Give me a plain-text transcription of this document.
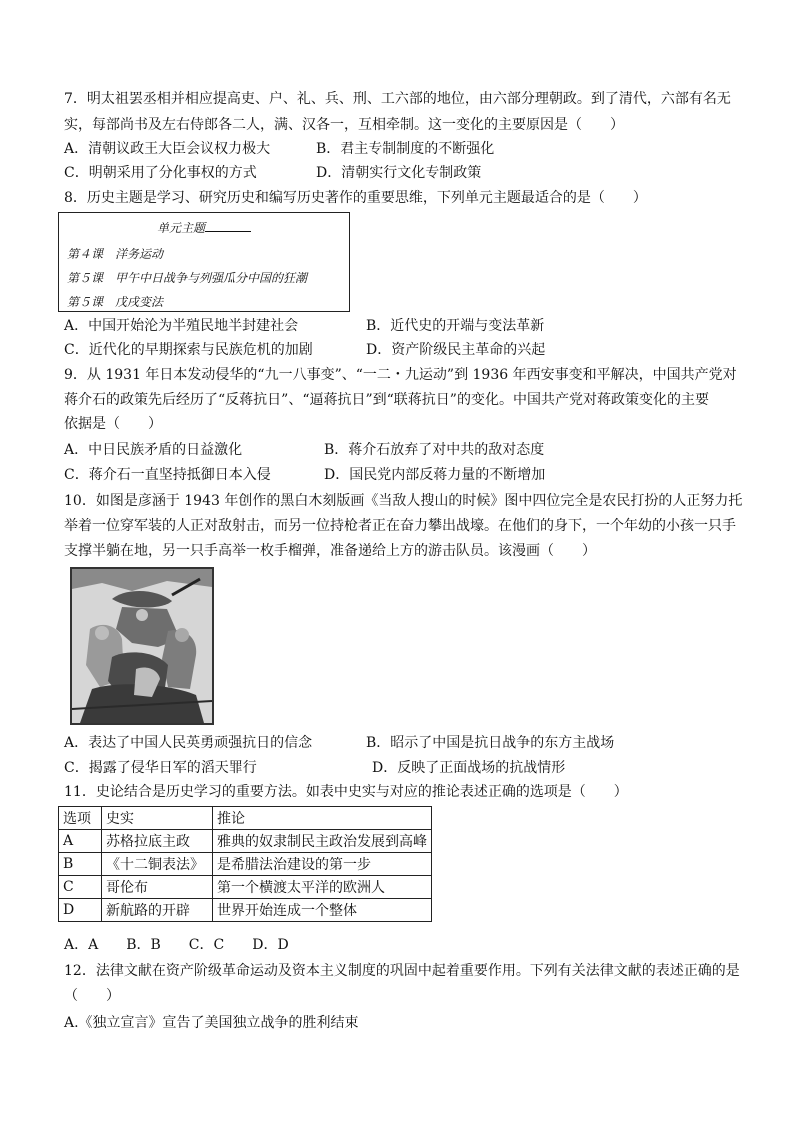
7．明太祖罢丞相并相应提高吏、户、礼、兵、刑、工六部的地位，由六部分理朝政。到了清代，六部有名无
实，每部尚书及左右侍郎各二人，满、汉各一，互相牵制。这一变化的主要原因是（　　）
A．清朝议政王大臣会议权力极大	B．君主专制制度的不断强化
C．明朝采用了分化事权的方式	D．清朝实行文化专制政策
8．历史主题是学习、研究历史和编写历史著作的重要思维，下列单元主题最适合的是（　　）
单元主题
第４课　洋务运动
第５课　甲午中日战争与列强瓜分中国的狂潮
第５课　戊戌变法
A．中国开始沦为半殖民地半封建社会	B．近代史的开端与变法革新
C．近代化的早期探索与民族危机的加剧	D．资产阶级民主革命的兴起
9．从 1931 年日本发动侵华的“九一八事变”、“一二・九运动”到 1936 年西安事变和平解决，中国共产党对
蒋介石的政策先后经历了“反蒋抗日”、“逼蒋抗日”到“联蒋抗日”的变化。中国共产党对蒋政策变化的主要
依据是（　　）
A．中日民族矛盾的日益激化	B．蒋介石放弃了对中共的敌对态度
C．蒋介石一直坚持抵御日本入侵	D．国民党内部反蒋力量的不断增加
10．如图是彦涵于 1943 年创作的黑白木刻版画《当敌人搜山的时候》图中四位完全是农民打扮的人正努力托
举着一位穿军装的人正对敌射击，而另一位持枪者正在奋力攀出战壕。在他们的身下，一个年幼的小孩一只手
支撑半躺在地，另一只手高举一枚手榴弹，准备递给上方的游击队员。该漫画（　　）
A．表达了中国人民英勇顽强抗日的信念	B．昭示了中国是抗日战争的东方主战场
C．揭露了侵华日军的滔天罪行	D．反映了正面战场的抗战情形
11．史论结合是历史学习的重要方法。如表中史实与对应的推论表述正确的选项是（　　）
选项	史实	推论
A	苏格拉底主政	雅典的奴隶制民主政治发展到高峰
B	《十二铜表法》	是希腊法治建设的第一步
C	哥伦布	第一个横渡太平洋的欧洲人
D	新航路的开辟	世界开始连成一个整体
A．A　　B．B　　C．C　　D．D
12．法律文献在资产阶级革命运动及资本主义制度的巩固中起着重要作用。下列有关法律文献的表述正确的是
（　　）
A.《独立宣言》宣告了美国独立战争的胜利结束
